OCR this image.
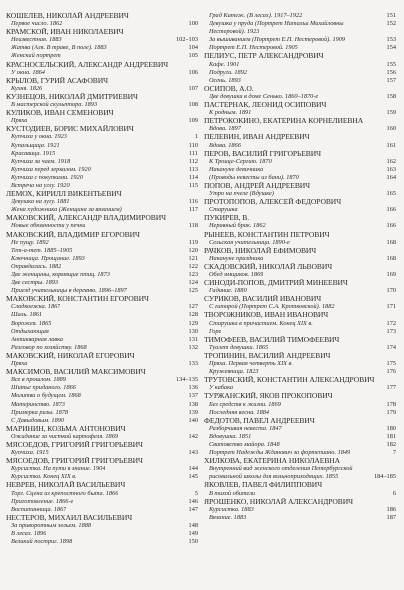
КОШЕЛЕВ, НИКОЛАЙ АНДРЕЕВИЧ
Первое число. 1862	100
КРАМСКОЙ, ИВАН НИКОЛАЕВИЧ
Неизвестная. 1883	102–103
Жатва (Аля. В траве, В поле). 1883	104
Женский портрет	105
КРАСНОСЕЛЬСКИЙ, АЛЕКСАНДР АНДРЕЕВИЧ
У окна. 1864	106
КРЫЛОВ, ГУРИЙ АСАФОВИЧ
Кухня. 1826	107
КУЗНЕЦОВ, НИКОЛАЙ ДМИТРИЕВИЧ
В мастерской скульптора. 1893	108
КУЛИКОВ, ИВАН СЕМЕНОВИЧ
Пряха	109
КУСТОДИЕВ, БОРИС МИХАЙЛОВИЧ
Купчиха у окна. 1923	1
Купальщица. 1921	110
Красавица. 1915	111
Купчиха за чаем. 1918	112
Купчиха перед зеркалом. 1920	113
Купчиха с покупками. 1920	114
Встреча на углу. 1920	115
ЛЕМОХ, КИРИЛЛ ВИКЕНТЬЕВИЧ
Девушка на лугу. 1881	116
Жена художника (Женщина за вязанием)	117
МАКОВСКИЙ, АЛЕКСАНДР ВЛАДИМИРОВИЧ
Новые обязанности у печки	118
МАКОВСКИЙ, ВЛАДИМИР ЕГОРОВИЧ
Не пущу. 1892	119
Тет-а-тет. 1885–1905	120
Ключница. Прощание. 1893	121
Оправдалась. 1882	122
Две женщины, кормящие птиц. 1873	123
Две сестры. 1893	124
Приезд учительницы в деревню. 1896–1897	125
МАКОВСКИЙ, КОНСТАНТИН ЕГОРОВИЧ
Сладкоежка. 1867	127
Шаль. 1861	128
Ворожея. 1865	129
Отдыхающая	130
Антикварная лавка	131
Разговор по хозяйству. 1868	132
МАКОВСКИЙ, НИКОЛАЙ ЕГОРОВИЧ
Пряха	133
МАКСИМОВ, ВАСИЛИЙ МАКСИМОВИЧ
Все в прошлом. 1889	134–135
Шитье приданого. 1866	136
Молитва о будущем. 1868	137
Материнство. 1873	138
Примерка ризы. 1878	139
С Давыдовым. 1890	140
МАРИНИН, КОЗЬМА АНТОНОВИЧ
Ожидание за чисткой картофеля. 1869	142
МЯСОЕДОВ, ГРИГОРИЙ ГРИГОРЬЕВИЧ
Купчиха. 1915	143
МЯСОЕДОВ, ГРИГОРИЙ ГРИГОРЬЕВИЧ
Курсистка. На пути в знание. 1904	144
Курсистка. Конец XIX в.	145
НЕВРЕВ, НИКОЛАЙ ВАСИЛЬЕВИЧ
Торг. Сцена из крепостного быта. 1866	5
Приготовление. 1866-е	146
Воспитанница. 1867	147
НЕСТЕРОВ, МИХАИЛ ВАСИЛЬЕВИЧ
За приворотным зельем. 1888	148
В лесах. 1896	149
Великий постриг. 1898	150
Град Китеж. (В лесах). 1917–1922	151
Девушка у пруда (Портрет Натальи Михайловны	152
Нестеровой). 1923
За вышиванием (Портрет Е.П. Нестеровой). 1909	153
Портрет Е.П. Нестеровой. 1905	154
ПЕЛИУС, ПЕТР АЛЕКСАНДРОВИЧ
Кафе. 1901	155
Подруги. 1892	156
Осень. 1893	157
ОСИПОВ, А.О.
Две девушки в доме Сенько. 1860–1870-е	158
ПАСТЕРНАК, ЛЕОНИД ОСИПОВИЧ
К родным. 1891	159
ПЕТРОКОКИНО, ЕКАТЕРИНА КОРНЕЛИЕВНА
Вдова. 1897	160
ПЕЛЕВИН, ИВАН АНДРЕЕВИЧ
Вдова. 1866	161
ПЕРОВ, ВАСИЛИЙ ГРИГОРЬЕВИЧ
К Троице-Сергию. 1870	162
Накануне девичника	163
(Проводы невесты из бани). 1870	164
ПОПОВ, АНДРЕЙ АНДРЕЕВИЧ
Утро на пчеле (Вдушке)	165
ПРОТОПОПОВ, АЛЕКСЕЙ ФЕДОРОВИЧ
Старушка	166
ПУКИРЕВ, В.
Неравный брак. 1862	166
РЫНЕЕВ, КОНСТАНТИН ПЕТРОВИЧ
Сельская учительница. 1890-е	168
РАЧКОВ, НИКОЛАЙ ЕФИМОВИЧ
Накануне праздника	168
СКАДОВСКИЙ, НИКОЛАЙ ЛЬВОВИЧ
Обед ямщиков. 1869	169
СИНОДИ-ПОПОВ, ДМИТРИЙ МИНЕЕВИЧ
Гадание. 1880	170
СУРИКОВ, ВАСИЛИЙ ИВАНОВИЧ
С гитарой (Портрет С.А. Кротковской). 1882	171
ТВОРОЖНИКОВ, ИВАН ИВАНОВИЧ
Старушка в причастием. Конец XIX в.	172
Горе	173
ТИМОФЕЕВ, ВАСИЛИЙ ТИМОФЕЕВИЧ
Туалет девушки. 1865	174
ТРОПИНИН, ВАСИЛИЙ АНДРЕЕВИЧ
Пряха. Первая четверть XIX в.	175
Кружевница. 1823	176
ТРУТОВСКИЙ, КОНСТАНТИН АЛЕКСАНДРОВИЧ
У кабака	177
ТУРЖАНСКИЙ, ЯКОВ ПРОКОПОВИЧ
Без средств к жизни. 1869	178
Последняя весна. 1884	179
ФЕДОТОВ, ПАВЕЛ АНДРЕЕВИЧ
Разборчивая невеста. 1847	180
Вдовушка. 1851	181
Сватовство майора. 1848	182
Портрет Надежды Жданович за фортепиано. 1849	7
ХИЛКОВА, ЕКАТЕРИНА НИКОЛАЕВНА
Внутренний вид женского отделения Петербургской
рисовальной школы для вольноприходящих. 1855	184–185
ЯКОВЛЕВ, ПАВЕЛ ФИЛИППОВИЧ
В тихой обители	6
ЯРОШЕНКО, НИКОЛАЙ АЛЕКСАНДРОВИЧ
Курсистка. 1883	186
Вязание. 1883	187
